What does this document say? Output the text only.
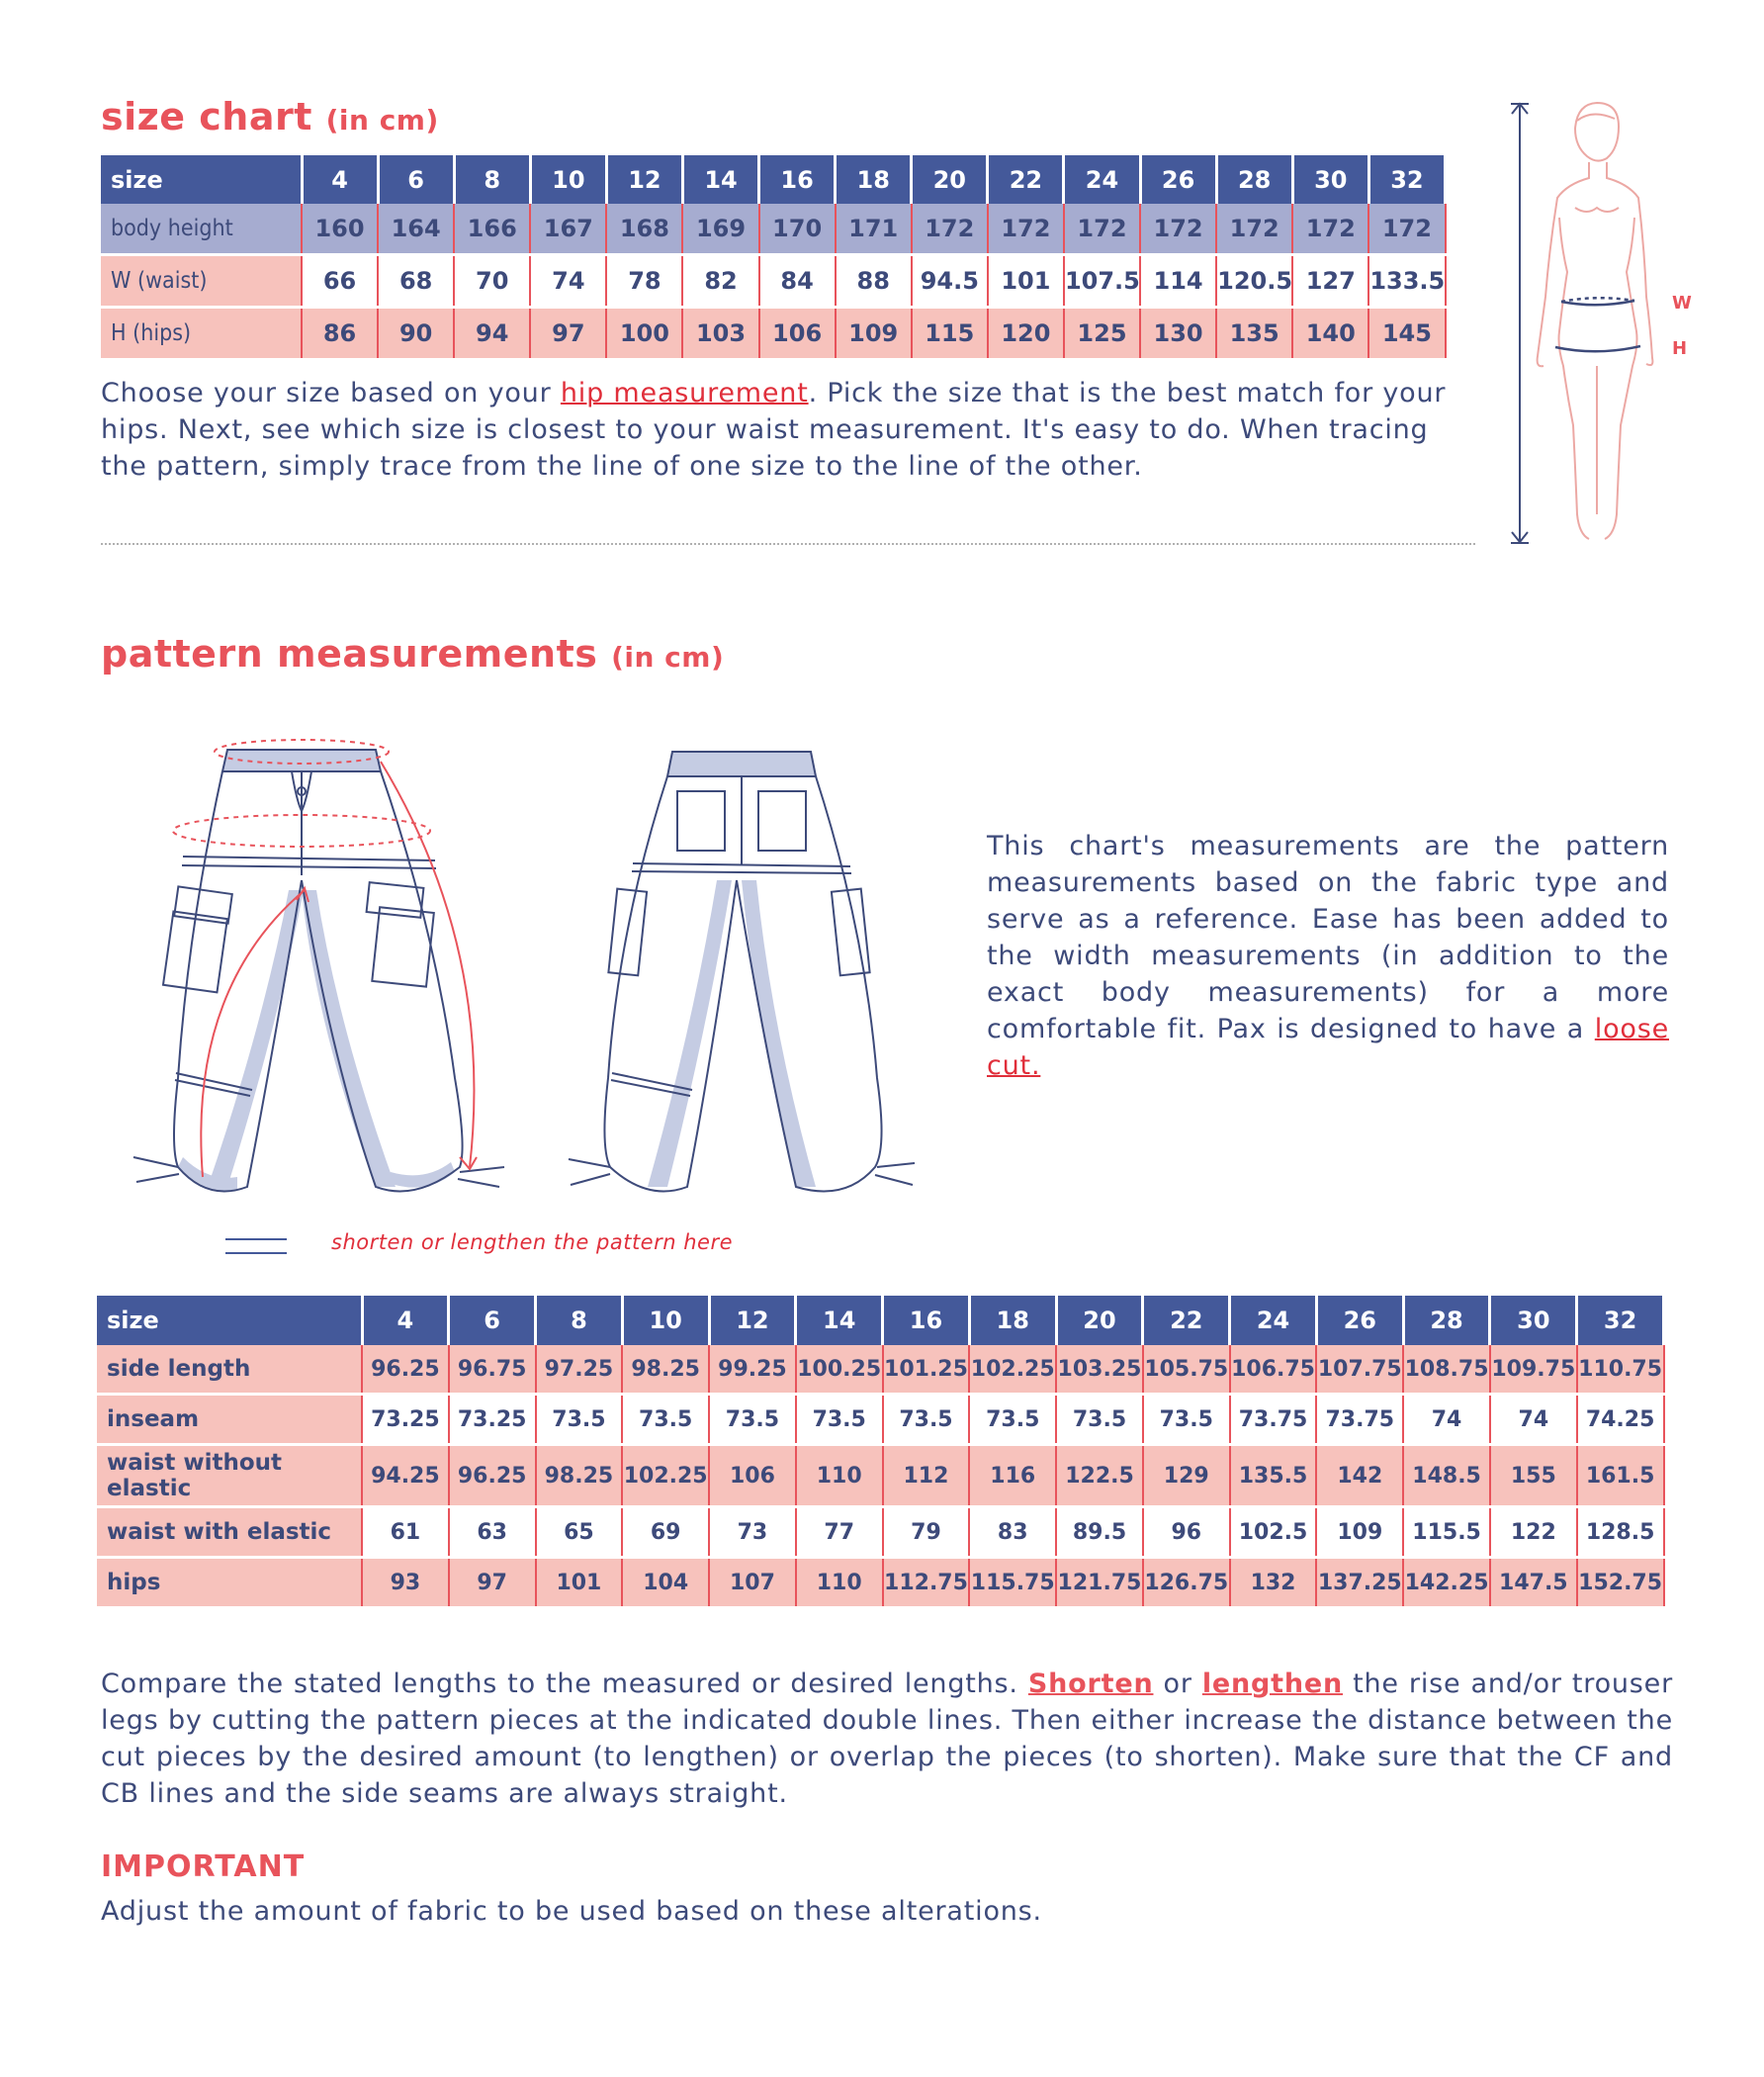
size chart (in cm)
size	4	6	8	10	12	14	16	18	20	22	24	26	28	30	32
body height	160	164	166	167	168	169	170	171	172	172	172	172	172	172	172
W (waist)	66	68	70	74	78	82	84	88	94.5	101	107.5	114	120.5	127	133.5
H (hips)	86	90	94	97	100	103	106	109	115	120	125	130	135	140	145
Choose your size based on your hip measurement. Pick the size that is the best match for your hips. Next, see which size is closest to your waist measurement. It's easy to do. When tracing the pattern, simply trace from the line of one size to the line of the other.
W
H
pattern measurements (in cm)
shorten or lengthen the pattern here
This chart's measurements are the pattern measurements based on the fabric type and serve as a reference. Ease has been added to the width measurements (in addition to the exact body measurements) for a more comfortable fit. Pax is designed to have a loose cut.
size	4	6	8	10	12	14	16	18	20	22	24	26	28	30	32
side length	96.25	96.75	97.25	98.25	99.25	100.25	101.25	102.25	103.25	105.75	106.75	107.75	108.75	109.75	110.75
inseam	73.25	73.25	73.5	73.5	73.5	73.5	73.5	73.5	73.5	73.5	73.75	73.75	74	74	74.25
waist without elastic	94.25	96.25	98.25	102.25	106	110	112	116	122.5	129	135.5	142	148.5	155	161.5
waist with elastic	61	63	65	69	73	77	79	83	89.5	96	102.5	109	115.5	122	128.5
hips	93	97	101	104	107	110	112.75	115.75	121.75	126.75	132	137.25	142.25	147.5	152.75
Compare the stated lengths to the measured or desired lengths. Shorten or lengthen the rise and/or trouser legs by cutting the pattern pieces at the indicated double lines. Then either increase the distance between the cut pieces by the desired amount (to lengthen) or overlap the pieces (to shorten). Make sure that the CF and CB lines and the side seams are always straight.
IMPORTANT
Adjust the amount of fabric to be used based on these alterations.
